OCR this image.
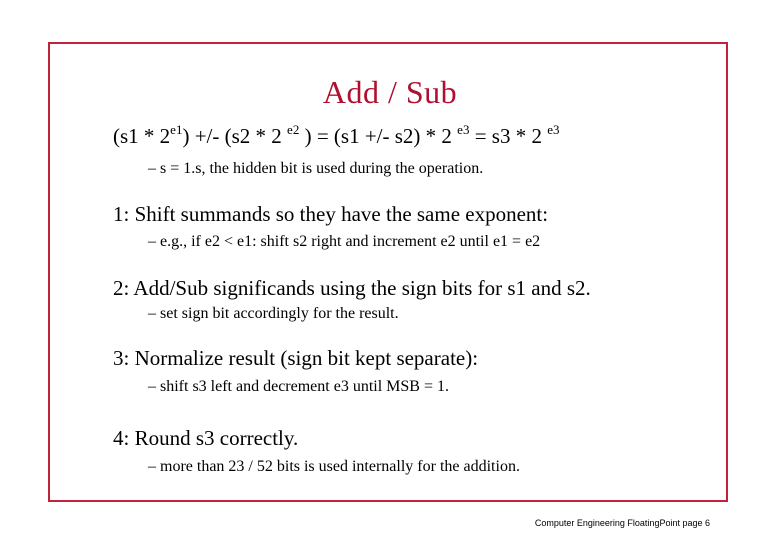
Add / Sub
$(s1 * 2^{e1})$ +/- (s2 * 2 $^{e2}$ ) = (s1 +/- s2) * 2 $^{e3}$ = s3 * 2 $^{e3}$
– s = 1.s, the hidden bit is used during the operation.
1: Shift summands so they have the same exponent:
– e.g., if e2 < e1: shift s2 right and increment e2 until e1 = e2
2: Add/Sub significands using the sign bits for s1 and s2.
– set sign bit accordingly for the result.
3: Normalize result (sign bit kept separate):
– shift s3 left and decrement e3 until MSB = 1.
4: Round s3 correctly.
– more than 23 / 52 bits is used internally for the addition.
Computer Engineering FloatingPoint page 6
